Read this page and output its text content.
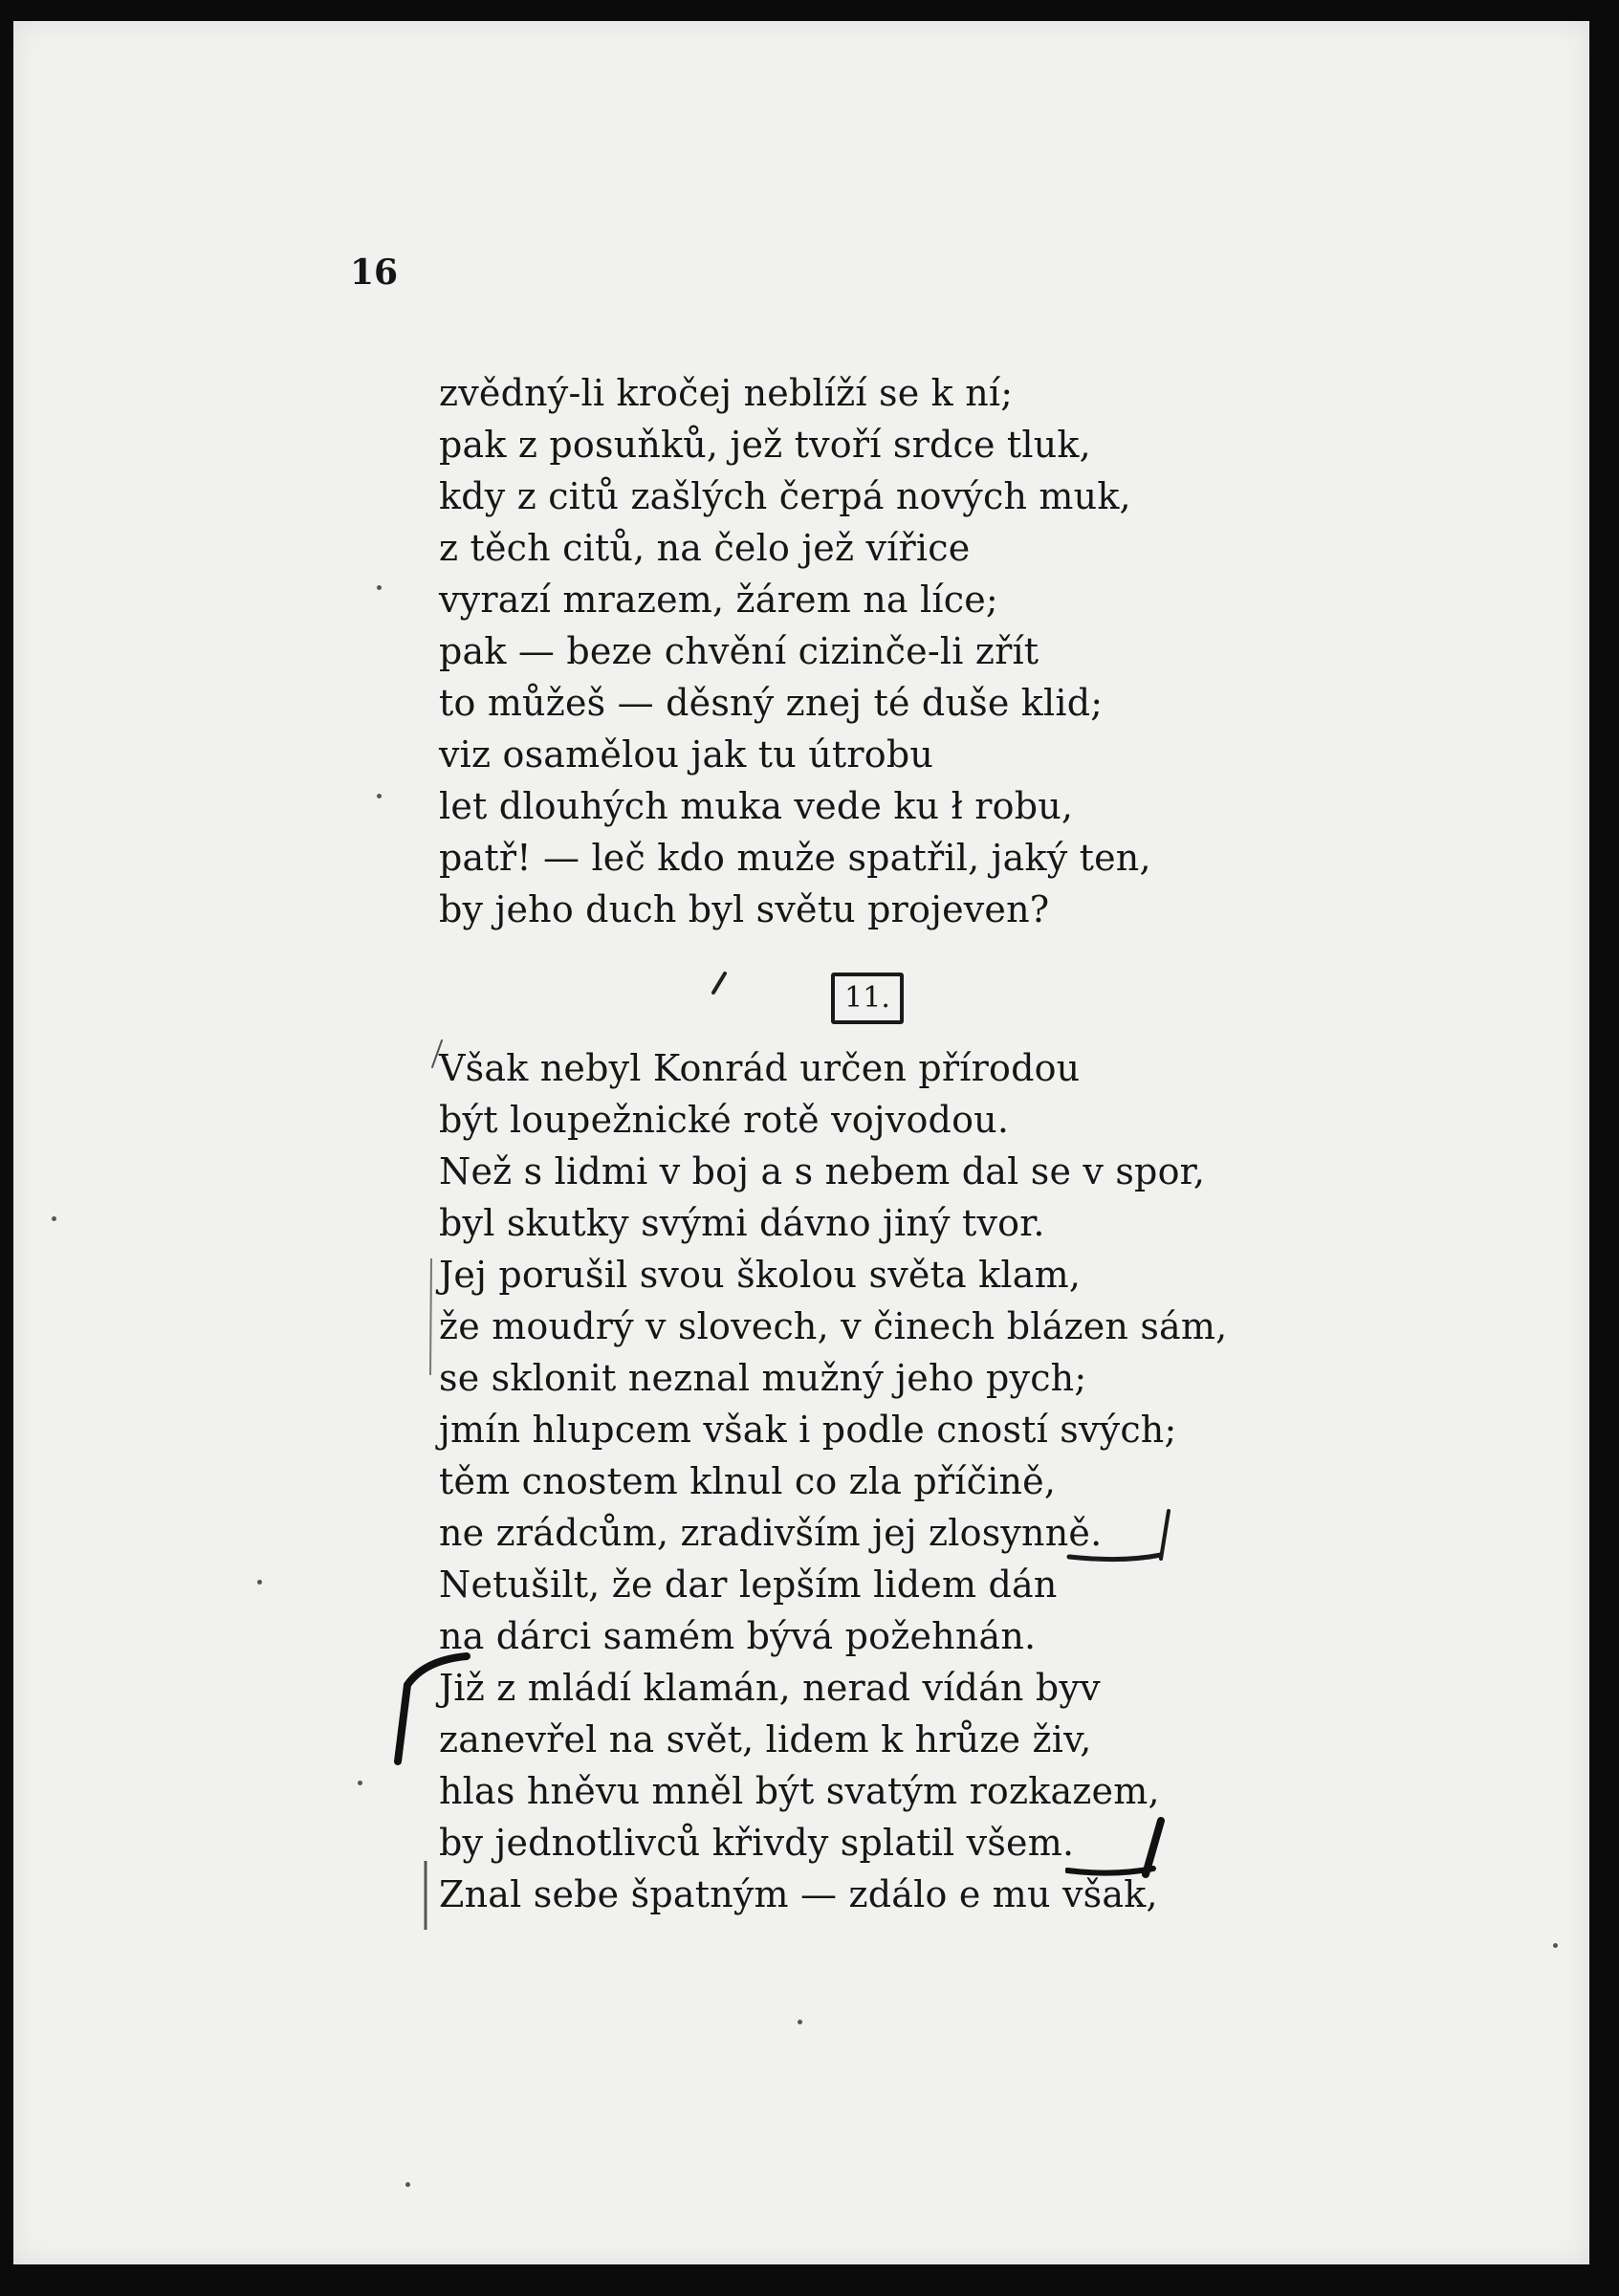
16
zvědný-li kročej neblíží se k ní;
pak z posuňků, jež tvoří srdce tluk,
kdy z citů zašlých čerpá nových muk,
z těch citů, na čelo jež vířice
vyrazí mrazem, žárem na líce;
pak — beze chvění cizinče-li zřít
to můžeš — děsný znej té duše klid;
viz osamělou jak tu útrobu
let dlouhých muka vede ku ł robu,
patř! — leč kdo muže spatřil, jaký ten,
by jeho duch byl světu projeven?
11.
Však nebyl Konrád určen přírodou
být loupežnické rotě vojvodou.
Než s lidmi v boj a s nebem dal se v spor,
byl skutky svými dávno jiný tvor.
Jej porušil svou školou světa klam,
že moudrý v slovech, v činech blázen sám,
se sklonit neznal mužný jeho pych;
jmín hlupcem však i podle cností svých;
těm cnostem klnul co zla příčině,
ne zrádcům, zradivším jej zlosynně.
Netušilt, že dar lepším lidem dán
na dárci samém bývá požehnán.
Již z mládí klamán, nerad vídán byv
zanevřel na svět, lidem k hrůze živ,
hlas hněvu mněl být svatým rozkazem,
by jednotlivců křivdy splatil všem.
Znal sebe špatným — zdálo e mu však,
